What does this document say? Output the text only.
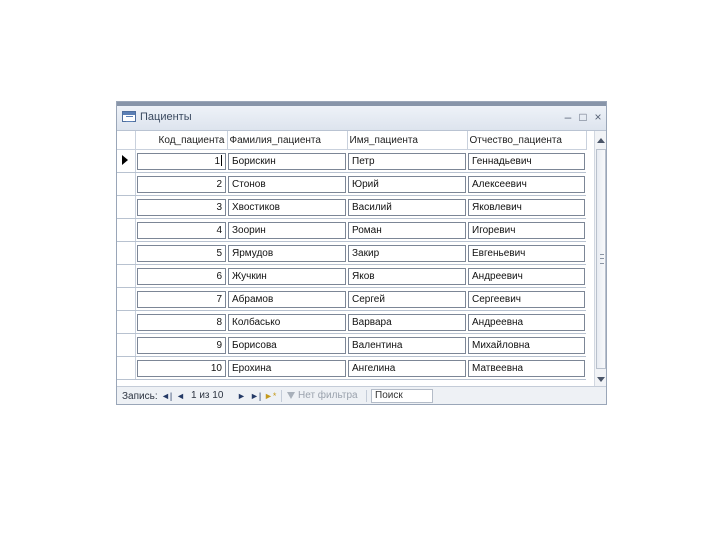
Пациенты	– □ ×
	Код_пациента	Фамилия_пациента	Имя_пациента	Отчество_пациента

	1	Борискин	Петр	Геннадьевич

	2	Стонов	Юрий	Алексеевич

	3	Хвостиков	Василий	Яковлевич

	4	Зоорин	Роман	Игоревич

	5	Ярмудов	Закир	Евгеньевич

	6	Жучкин	Яков	Андреевич

	7	Абрамов	Сергей	Сергеевич

	8	Колбасько	Варвара	Андреевна

	9	Борисова	Валентина	Михайловна

	10	Ерохина	Ангелина	Матвеевна
Запись: ◄| ◄ 1 из 10	► ►| ►*	Нет фильтра	Поиск
